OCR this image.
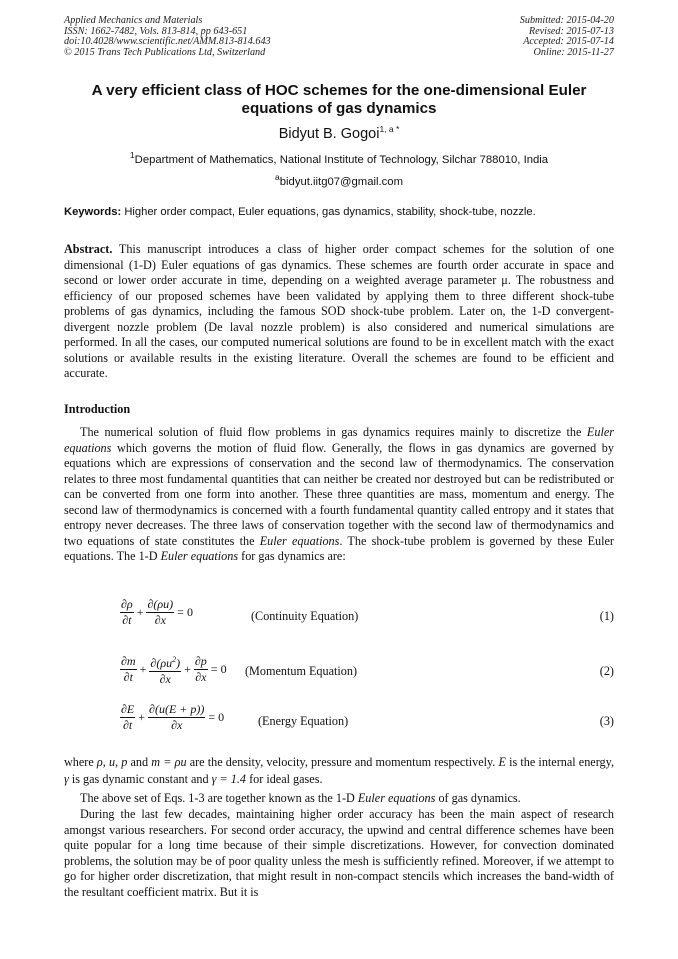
Applied Mechanics and Materials
ISSN: 1662-7482, Vols. 813-814, pp 643-651
doi:10.4028/www.scientific.net/AMM.813-814.643
© 2015 Trans Tech Publications Ltd, Switzerland
Submitted: 2015-04-20
Revised: 2015-07-13
Accepted: 2015-07-14
Online: 2015-11-27
A very efficient class of HOC schemes for the one-dimensional Euler equations of gas dynamics
Bidyut B. Gogoi$^{1, a *}$
$^1$Department of Mathematics, National Institute of Technology, Silchar 788010, India
$^a$bidyut.iitg07@gmail.com
Keywords: Higher order compact, Euler equations, gas dynamics, stability, shock-tube, nozzle.
Abstract. This manuscript introduces a class of higher order compact schemes for the solution of one dimensional (1-D) Euler equations of gas dynamics. These schemes are fourth order accurate in space and second or lower order accurate in time, depending on a weighted average parameter μ. The robustness and efficiency of our proposed schemes have been validated by applying them to three different shock-tube problems of gas dynamics, including the famous SOD shock-tube problem. Later on, the 1-D convergent-divergent nozzle problem (De laval nozzle problem) is also considered and numerical simulations are performed. In all the cases, our computed numerical solutions are found to be in excellent match with the exact solutions or available results in the existing literature. Overall the schemes are found to be efficient and accurate.
Introduction
The numerical solution of fluid flow problems in gas dynamics requires mainly to discretize the Euler equations which governs the motion of fluid flow. Generally, the flows in gas dynamics are governed by equations which are expressions of conservation and the second law of thermodynamics. The conservation relates to three most fundamental quantities that can neither be created nor destroyed but can be redistributed or can be converted from one form into another. These three quantities are mass, momentum and energy. The second law of thermodynamics is concerned with a fourth fundamental quantity called entropy and it states that entropy never decreases. The three laws of conservation together with the second law of thermodynamics and two equations of state constitutes the Euler equations. The shock-tube problem is governed by these Euler equations. The 1-D Euler equations for gas dynamics are:
$\frac{\partial\rho}{\partial t} + \frac{\partial(\rho u)}{\partial x} = 0$	(Continuity Equation)	(1)
$\frac{\partial m}{\partial t} + \frac{\partial(\rho u^2)}{\partial x} + \frac{\partial p}{\partial x} = 0$ (Momentum Equation)	(2)
$\frac{\partial E}{\partial t} + \frac{\partial(u(E + p))}{\partial x} = 0$	(Energy Equation)	(3)
where ρ, u, p and m = ρu are the density, velocity, pressure and momentum respectively. E is the internal energy, γ is gas dynamic constant and γ = 1.4 for ideal gases.
The above set of Eqs. 1-3 are together known as the 1-D Euler equations of gas dynamics.
During the last few decades, maintaining higher order accuracy has been the main aspect of research amongst various researchers. For second order accuracy, the upwind and central difference schemes have been quite popular for a long time because of their simple discretizations. However, for convection dominated problems, the solution may be of poor quality unless the mesh is sufficiently refined. Moreover, if we attempt to go for higher order discretization, that might result in non-compact stencils which increases the band-width of the resultant coefficient matrix. But it is
